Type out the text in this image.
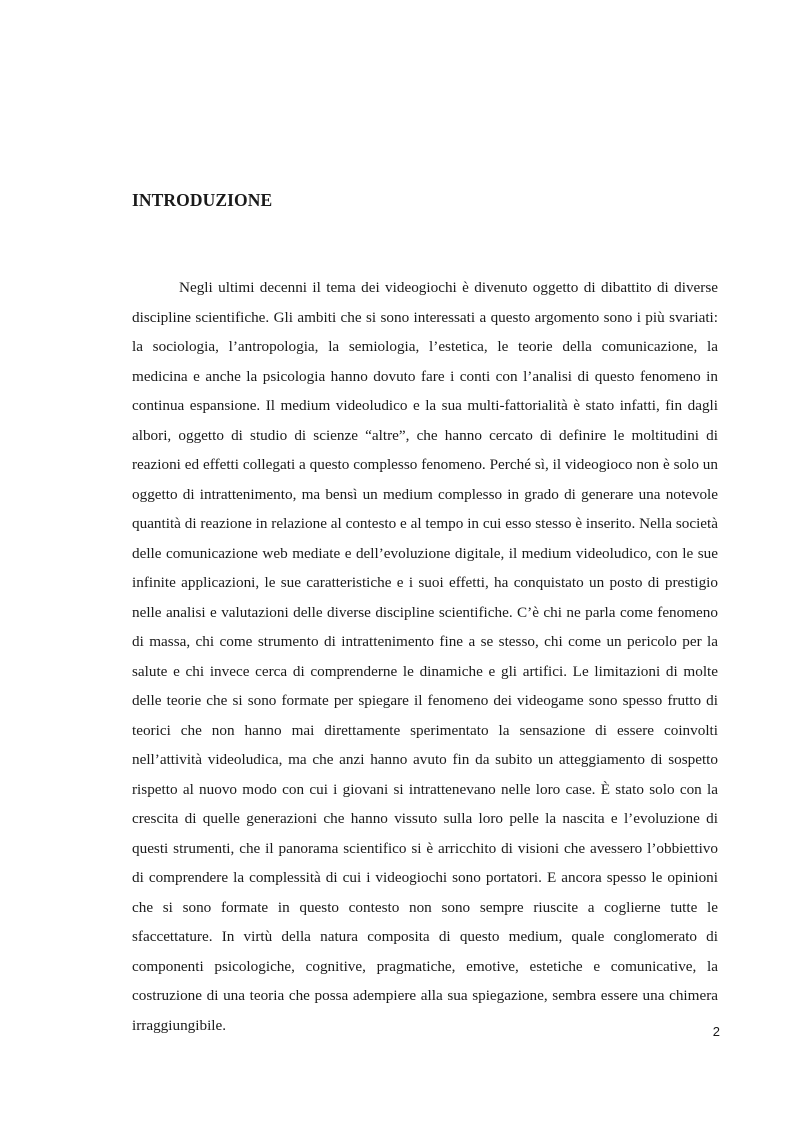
INTRODUZIONE

Negli ultimi decenni il tema dei videogiochi è divenuto oggetto di dibattito di diverse discipline scientifiche. Gli ambiti che si sono interessati a questo argomento sono i più svariati: la sociologia, l’antropologia, la semiologia, l’estetica, le teorie della comunicazione, la medicina e anche la psicologia hanno dovuto fare i conti con l’analisi di questo fenomeno in continua espansione. Il medium videoludico e la sua multi-fattorialità è stato infatti, fin dagli albori, oggetto di studio di scienze “altre”, che hanno cercato di definire le moltitudini di reazioni ed effetti collegati a questo complesso fenomeno. Perché sì, il videogioco non è solo un oggetto di intrattenimento, ma bensì un medium complesso in grado di generare una notevole quantità di reazione in relazione al contesto e al tempo in cui esso stesso è inserito. Nella società delle comunicazione web mediate e dell’evoluzione digitale, il medium videoludico, con le sue infinite applicazioni, le sue caratteristiche e i suoi effetti, ha conquistato un posto di prestigio nelle analisi e valutazioni delle diverse discipline scientifiche. C’è chi ne parla come fenomeno di massa, chi come strumento di intrattenimento fine a se stesso, chi come un pericolo per la salute e chi invece cerca di comprenderne le dinamiche e gli artifici. Le limitazioni di molte delle teorie che si sono formate per spiegare il fenomeno dei videogame sono spesso frutto di teorici che non hanno mai direttamente sperimentato la sensazione di essere coinvolti nell’attività videoludica, ma che anzi hanno avuto fin da subito un atteggiamento di sospetto rispetto al nuovo modo con cui i giovani si intrattenevano nelle loro case. È stato solo con la crescita di quelle generazioni che hanno vissuto sulla loro pelle la nascita e l’evoluzione di questi strumenti, che il panorama scientifico si è arricchito di visioni che avessero l’obbiettivo di comprendere la complessità di cui i videogiochi sono portatori. E ancora spesso le opinioni che si sono formate in questo contesto non sono sempre riuscite a coglierne tutte le sfaccettature. In virtù della natura composita di questo medium, quale conglomerato di componenti psicologiche, cognitive, pragmatiche, emotive, estetiche e comunicative, la costruzione di una teoria che possa adempiere alla sua spiegazione, sembra essere una chimera irraggiungibile.	2
